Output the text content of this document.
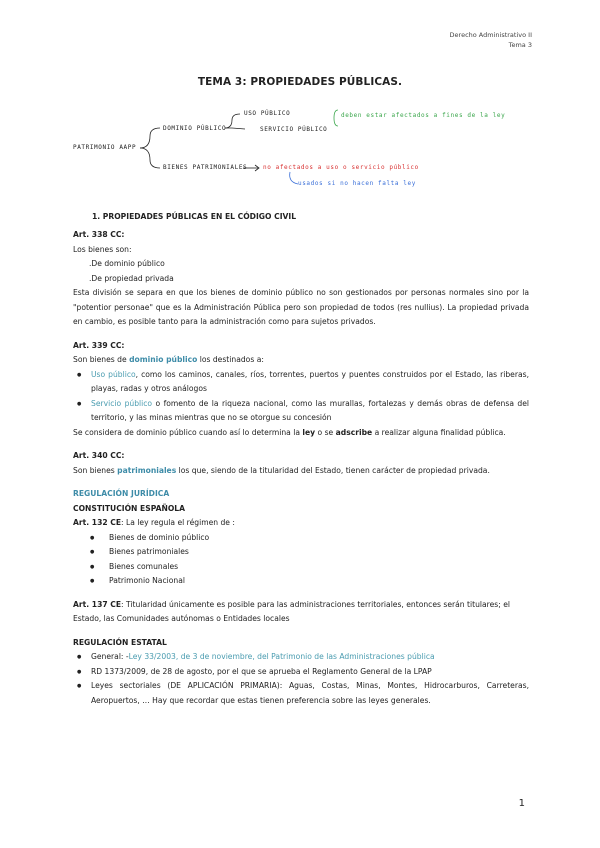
Derecho Administrativo II
Tema 3
TEMA 3: PROPIEDADES PÚBLICAS.
PATRIMONIO AAPP
DOMINIO PÚBLICO
USO PÚBLICO
SERVICIO PÚBLICO
BIENES PATRIMONIALES
deben estar afectados a fines de la ley
no afectados a uso o servicio público
usados si no hacen falta ley
1. PROPIEDADES PÚBLICAS EN EL CÓDIGO CIVIL

Art. 338 CC:

Los bienes son:

.De dominio público

.De propiedad privada

Esta división se separa en que los bienes de dominio público no son gestionados por personas normales sino por la "potentior personae" que es la Administración Pública pero son propiedad de todos (res nullius). La propiedad privada en cambio, es posible tanto para la administración como para sujetos privados.

Art. 339 CC:

Son bienes de dominio público los destinados a:

● Uso público, como los caminos, canales, ríos, torrentes, puertos y puentes construidos por el Estado, las riberas, playas, radas y otros análogos

● Servicio público o fomento de la riqueza nacional, como las murallas, fortalezas y demás obras de defensa del territorio, y las minas mientras que no se otorgue su concesión

Se considera de dominio público cuando así lo determina la ley o se adscribe a realizar alguna finalidad pública.

Art. 340 CC:

Son bienes patrimoniales los que, siendo de la titularidad del Estado, tienen carácter de propiedad privada.

REGULACIÓN JURÍDICA

CONSTITUCIÓN ESPAÑOLA

Art. 132 CE: La ley regula el régimen de :

● Bienes de dominio público

● Bienes patrimoniales

● Bienes comunales

● Patrimonio Nacional

Art. 137 CE: Titularidad únicamente es posible para las administraciones territoriales, entonces serán titulares; el Estado, las Comunidades autónomas o Entidades locales

REGULACIÓN ESTATAL

● General: -Ley 33/2003, de 3 de noviembre, del Patrimonio de las Administraciones pública

● RD 1373/2009, de 28 de agosto, por el que se aprueba el Reglamento General de la LPAP

● Leyes sectoriales (DE APLICACIÓN PRIMARIA): Aguas, Costas, Minas, Montes, Hidrocarburos, Carreteras, Aeropuertos, … Hay que recordar que estas tienen preferencia sobre las leyes generales.

1
